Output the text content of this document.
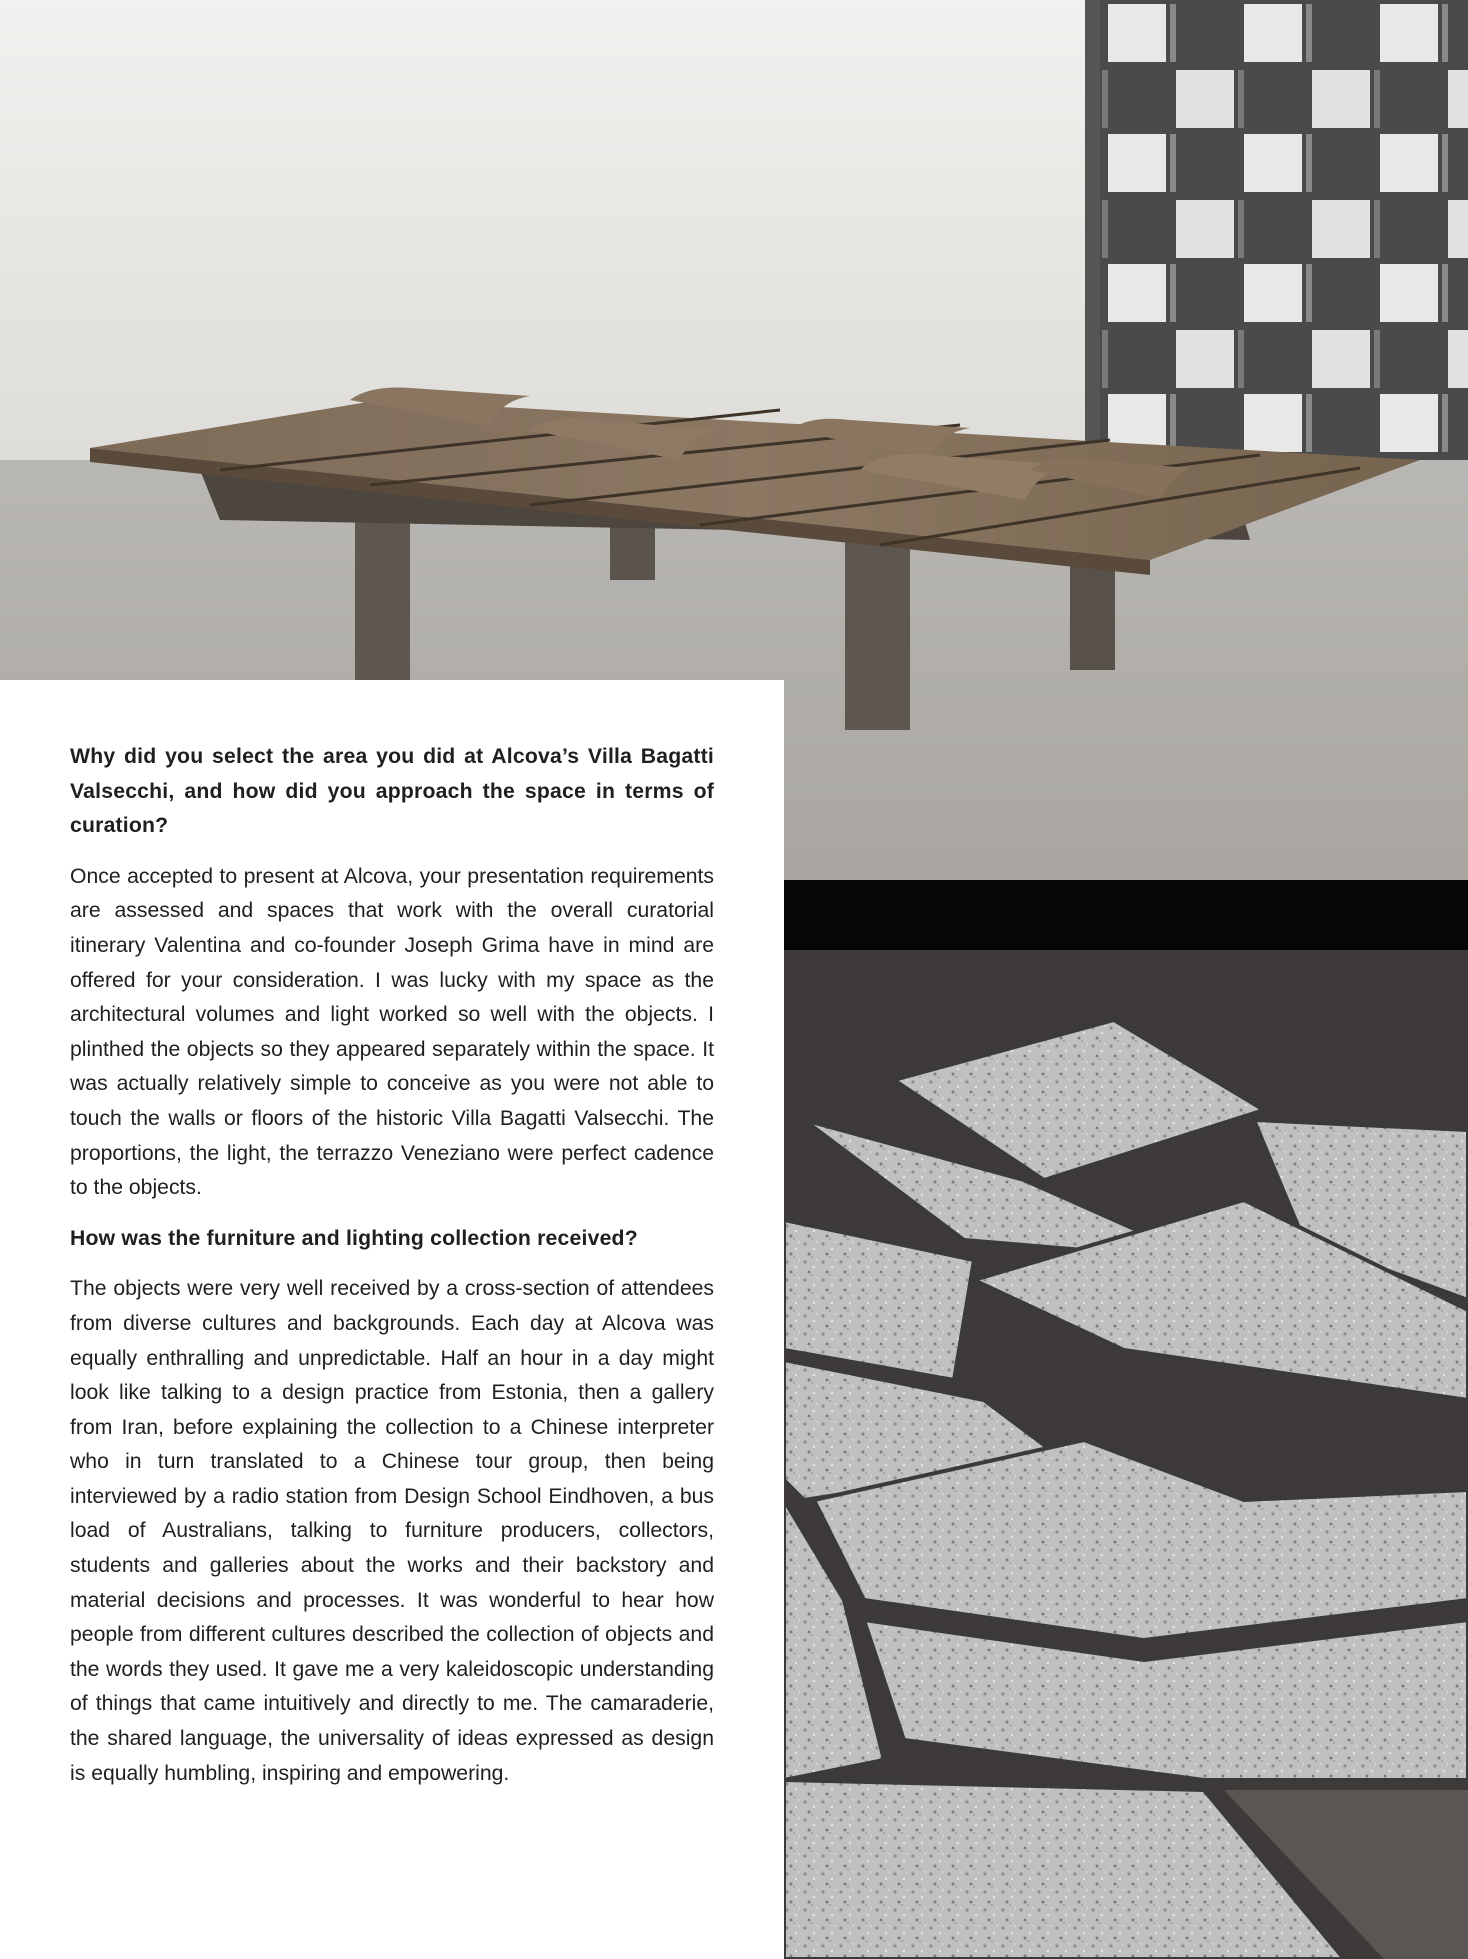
Why did you select the area you did at Alcova’s Villa Bagatti Valsecchi, and how did you approach the space in terms of curation?

Once accepted to present at Alcova, your presentation requirements are assessed and spaces that work with the overall curatorial itinerary Valentina and co-founder Joseph Grima have in mind are offered for your consideration. I was lucky with my space as the architectural volumes and light worked so well with the objects. I plinthed the objects so they appeared separately within the space. It was actually relatively simple to conceive as you were not able to touch the walls or floors of the historic Villa Bagatti Valsecchi. The proportions, the light, the terrazzo Veneziano were perfect cadence to the objects.

How was the furniture and lighting collection received?

The objects were very well received by a cross-section of attendees from diverse cultures and backgrounds. Each day at Alcova was equally enthralling and unpredictable. Half an hour in a day might look like talking to a design practice from Estonia, then a gallery from Iran, before explaining the collection to a Chinese interpreter who in turn translated to a Chinese tour group, then being interviewed by a radio station from Design School Eindhoven, a bus load of Australians, talking to furniture producers, collectors, students and galleries about the works and their backstory and material decisions and processes. It was wonderful to hear how people from different cultures described the collection of objects and the words they used. It gave me a very kaleidoscopic understanding of things that came intuitively and directly to me. The camaraderie, the shared language, the universality of ideas expressed as design is equally humbling, inspiring and empowering.
